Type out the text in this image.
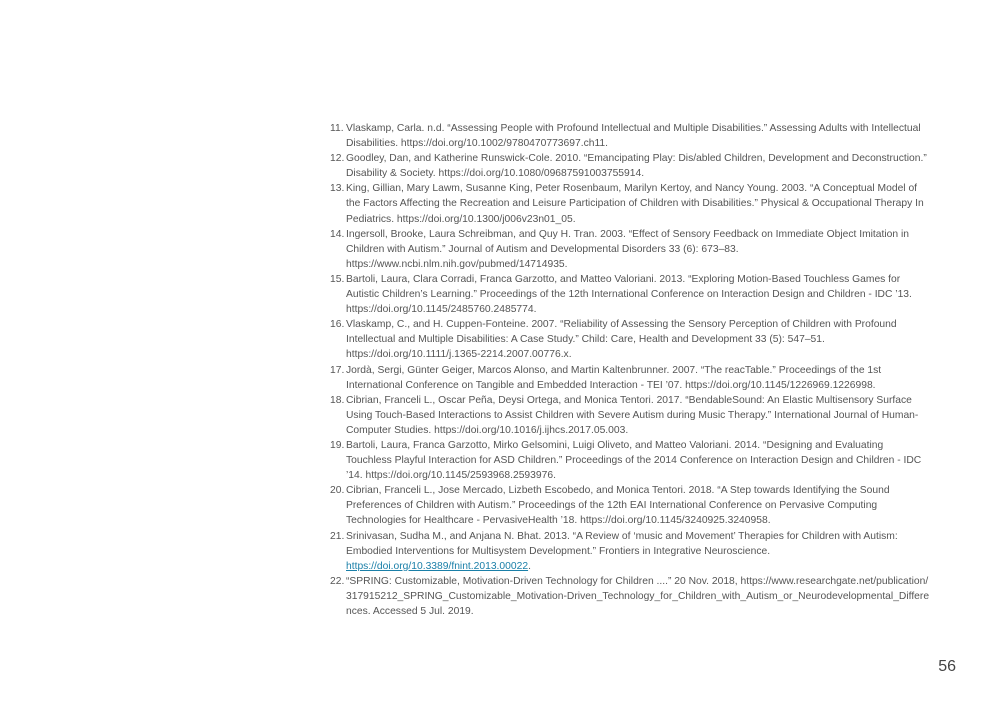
11. Vlaskamp, Carla. n.d. “Assessing People with Profound Intellectual and Multiple Disabilities.” Assessing Adults with Intellectual Disabilities. https://doi.org/10.1002/9780470773697.ch11.
12. Goodley, Dan, and Katherine Runswick-Cole. 2010. “Emancipating Play: Dis/abled Children, Development and Deconstruction.” Disability & Society. https://doi.org/10.1080/09687591003755914.
13. King, Gillian, Mary Lawm, Susanne King, Peter Rosenbaum, Marilyn Kertoy, and Nancy Young. 2003. “A Conceptual Model of the Factors Affecting the Recreation and Leisure Participation of Children with Disabilities.” Physical & Occupational Therapy In Pediatrics. https://doi.org/10.1300/j006v23n01_05.
14. Ingersoll, Brooke, Laura Schreibman, and Quy H. Tran. 2003. “Effect of Sensory Feedback on Immediate Object Imitation in Children with Autism.” Journal of Autism and Developmental Disorders 33 (6): 673–83. https://www.ncbi.nlm.nih.gov/pubmed/14714935.
15. Bartoli, Laura, Clara Corradi, Franca Garzotto, and Matteo Valoriani. 2013. “Exploring Motion-Based Touchless Games for Autistic Children’s Learning.” Proceedings of the 12th International Conference on Interaction Design and Children - IDC ’13. https://doi.org/10.1145/2485760.2485774.
16. Vlaskamp, C., and H. Cuppen-Fonteine. 2007. “Reliability of Assessing the Sensory Perception of Children with Profound Intellectual and Multiple Disabilities: A Case Study.” Child: Care, Health and Development 33 (5): 547–51. https://doi.org/10.1111/j.1365-2214.2007.00776.x.
17. Jordà, Sergi, Günter Geiger, Marcos Alonso, and Martin Kaltenbrunner. 2007. “The reacTable.” Proceedings of the 1st International Conference on Tangible and Embedded Interaction - TEI ’07. https://doi.org/10.1145/1226969.1226998.
18. Cibrian, Franceli L., Oscar Peña, Deysi Ortega, and Monica Tentori. 2017. “BendableSound: An Elastic Multisensory Surface Using Touch-Based Interactions to Assist Children with Severe Autism during Music Therapy.” International Journal of Human-Computer Studies. https://doi.org/10.1016/j.ijhcs.2017.05.003.
19. Bartoli, Laura, Franca Garzotto, Mirko Gelsomini, Luigi Oliveto, and Matteo Valoriani. 2014. “Designing and Evaluating Touchless Playful Interaction for ASD Children.” Proceedings of the 2014 Conference on Interaction Design and Children - IDC ’14. https://doi.org/10.1145/2593968.2593976.
20. Cibrian, Franceli L., Jose Mercado, Lizbeth Escobedo, and Monica Tentori. 2018. “A Step towards Identifying the Sound Preferences of Children with Autism.” Proceedings of the 12th EAI International Conference on Pervasive Computing Technologies for Healthcare - PervasiveHealth ’18. https://doi.org/10.1145/3240925.3240958.
21. Srinivasan, Sudha M., and Anjana N. Bhat. 2013. “A Review of ‘music and Movement’ Therapies for Children with Autism: Embodied Interventions for Multisystem Development.” Frontiers in Integrative Neuroscience. https://doi.org/10.3389/fnint.2013.00022.
22. “SPRING: Customizable, Motivation-Driven Technology for Children ....” 20 Nov. 2018, https://www.researchgate.net/publication/317915212_SPRING_Customizable_Motivation-Driven_Technology_for_Children_with_Autism_or_Neurodevelopmental_Differences. Accessed 5 Jul. 2019.
56
